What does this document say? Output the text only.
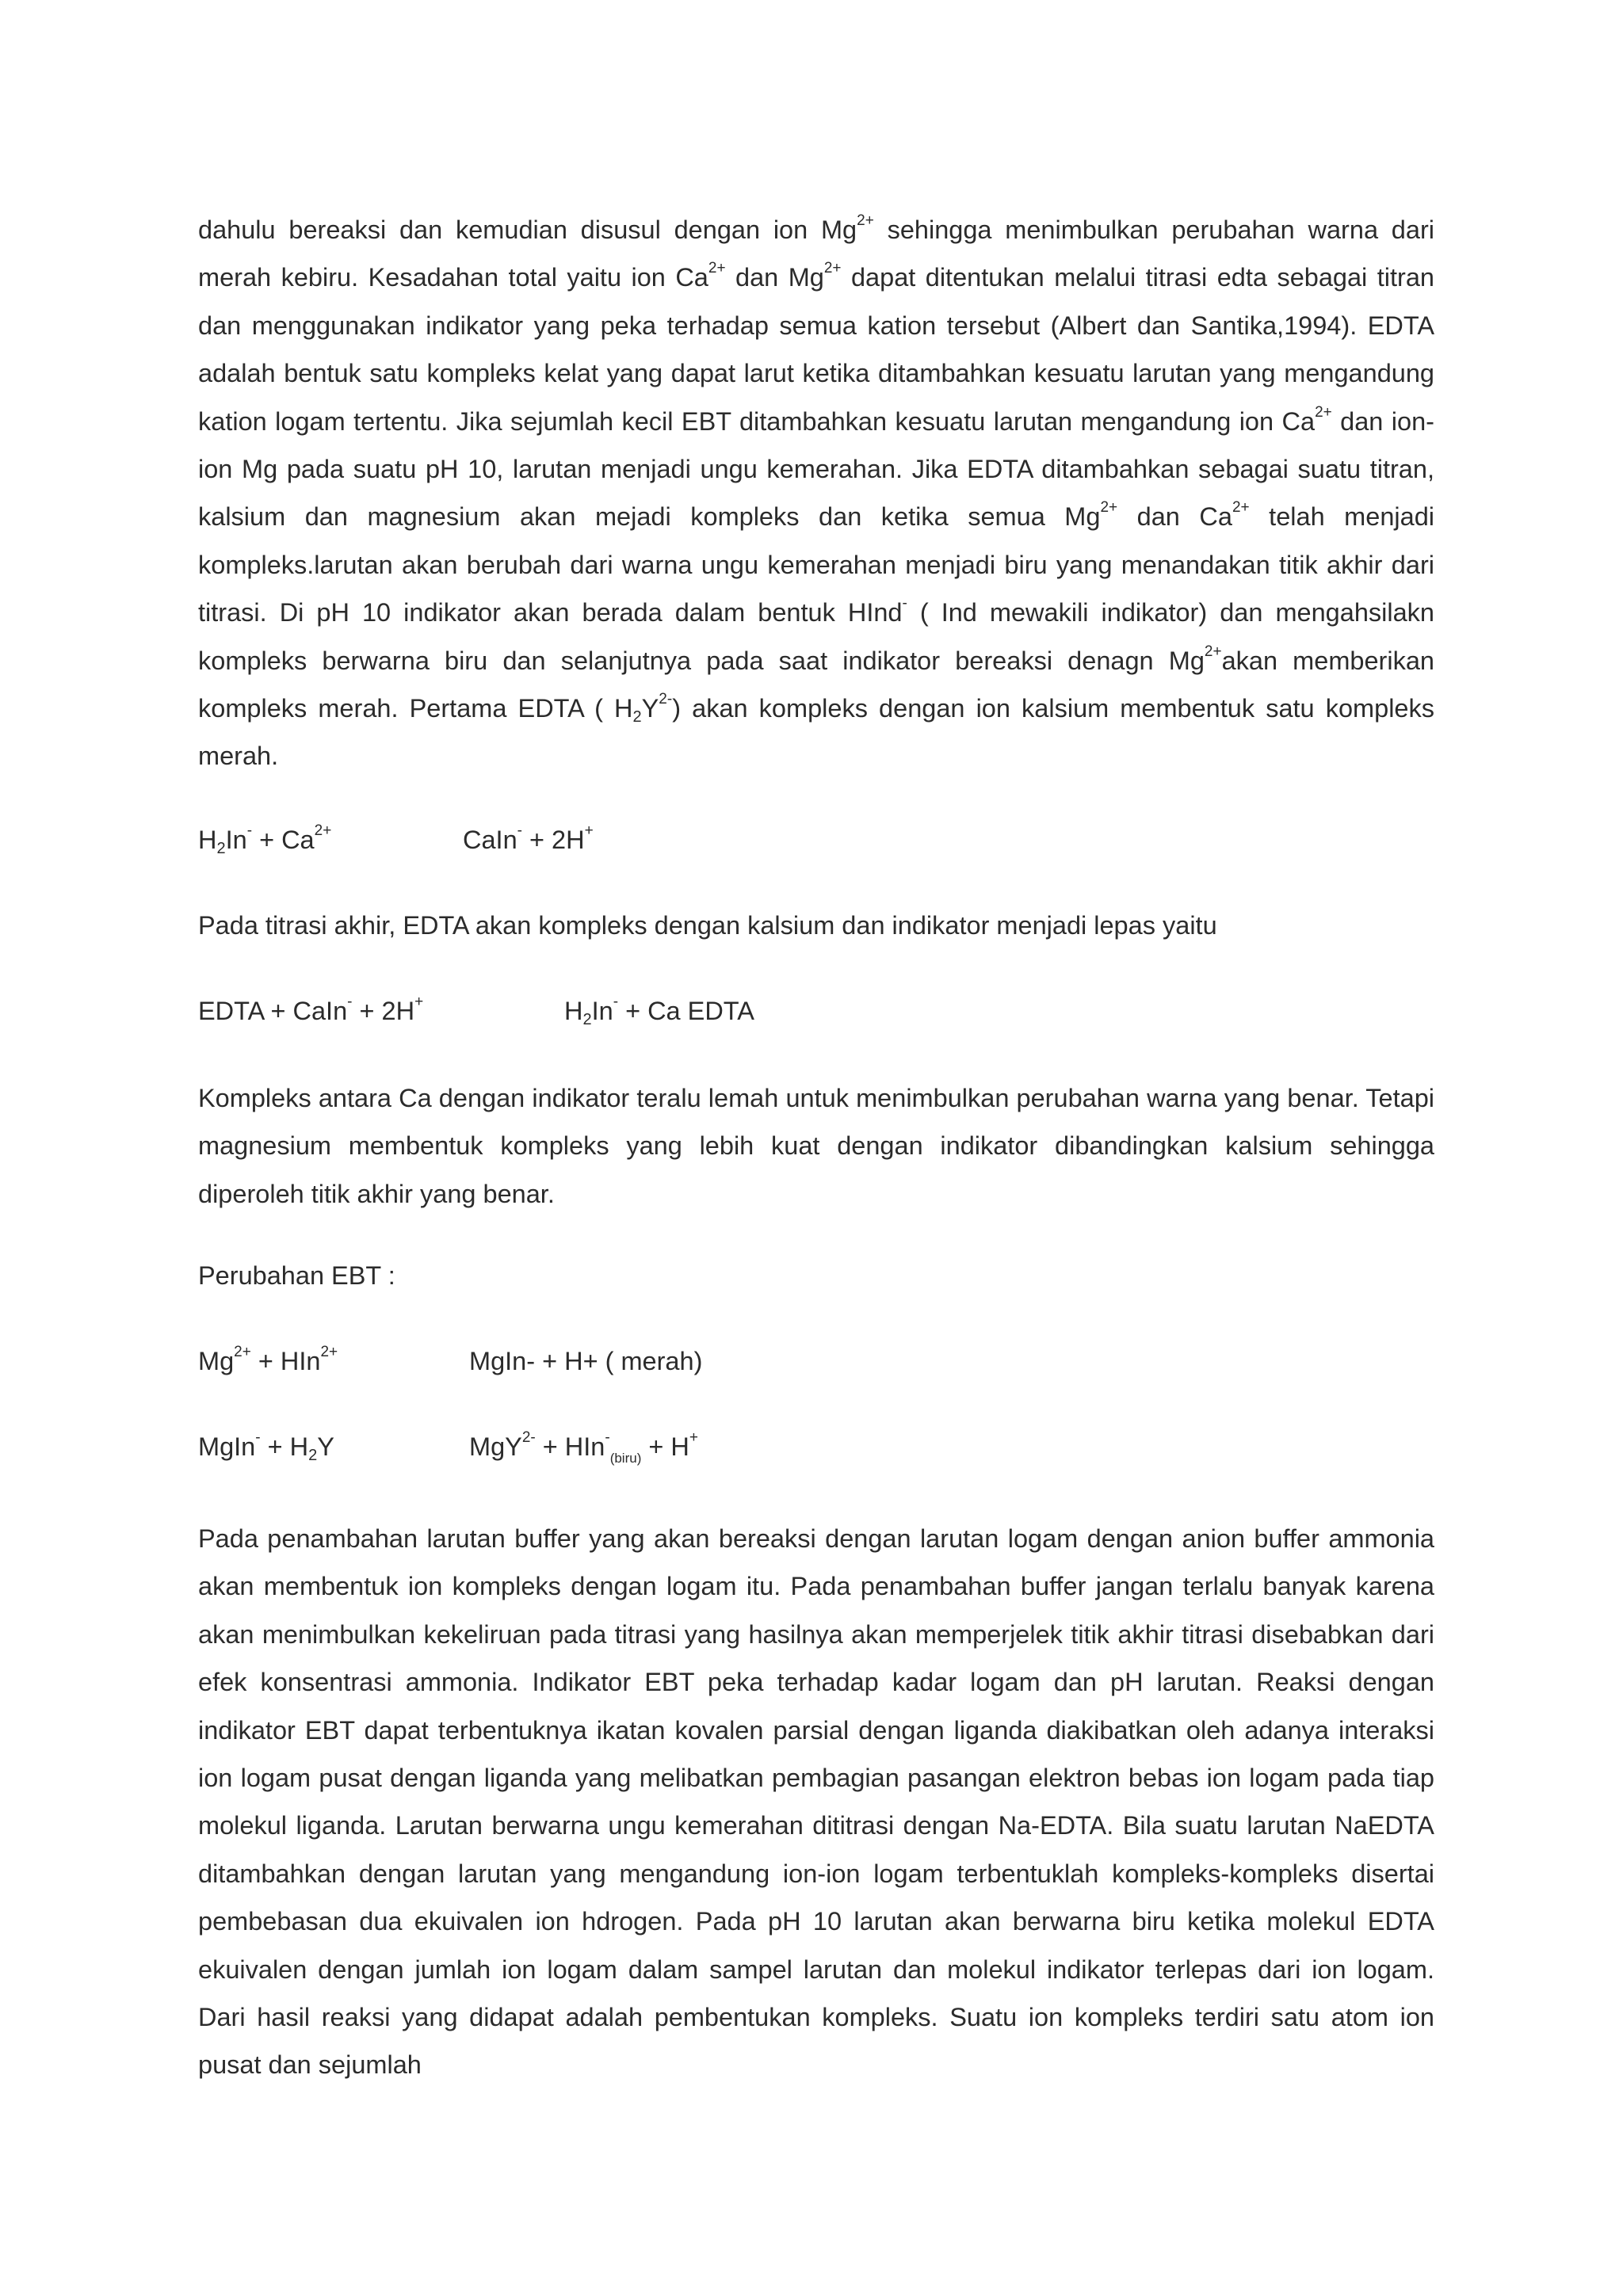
dahulu bereaksi dan kemudian disusul dengan ion $Mg^{2+}$ sehingga menimbulkan perubahan warna dari merah kebiru. Kesadahan total yaitu ion $Ca^{2+}$ dan $Mg^{2+}$ dapat ditentukan melalui titrasi edta sebagai titran dan menggunakan indikator yang peka terhadap semua kation tersebut (Albert dan Santika,1994). EDTA adalah bentuk satu kompleks kelat yang dapat larut ketika ditambahkan kesuatu larutan yang mengandung kation logam tertentu. Jika sejumlah kecil EBT ditambahkan kesuatu larutan mengandung ion $Ca^{2+}$ dan ion-ion Mg pada suatu pH 10, larutan menjadi ungu kemerahan. Jika EDTA ditambahkan sebagai suatu titran, kalsium dan magnesium akan mejadi kompleks dan ketika semua $Mg^{2+}$ dan $Ca^{2+}$ telah menjadi kompleks.larutan akan berubah dari warna ungu kemerahan menjadi biru yang menandakan titik akhir dari titrasi. Di pH 10 indikator akan berada dalam bentuk HInd- ( Ind mewakili indikator) dan mengahsilakn kompleks berwarna biru dan selanjutnya pada saat indikator bereaksi denagn $Mg^{2+}akan$ memberikan kompleks merah. Pertama EDTA ( $H_2Y^{2-}$) akan kompleks dengan ion kalsium membentuk satu kompleks merah.

$H_2In^- + Ca^{2+}$	CaIn- + 2H+

Pada titrasi akhir, EDTA akan kompleks dengan kalsium dan indikator menjadi lepas yaitu

EDTA + CaIn- + 2H+	$H_2In^- + Ca$ EDTA

Kompleks antara Ca dengan indikator teralu lemah untuk menimbulkan perubahan warna yang benar. Tetapi magnesium membentuk kompleks yang lebih kuat dengan indikator dibandingkan kalsium sehingga diperoleh titik akhir yang benar.

Perubahan EBT :

$Mg^{2+} + HIn^{2+}$	MgIn- + H+ ( merah)
MgIn- + $H_2Y$	MgY$^{2-}$ + HIn-$_{(biru)}$ + H+

Pada penambahan larutan buffer yang akan bereaksi dengan larutan logam dengan anion buffer ammonia akan membentuk ion kompleks dengan logam itu. Pada penambahan buffer jangan terlalu banyak karena akan menimbulkan kekeliruan pada titrasi yang hasilnya akan memperjelek titik akhir titrasi disebabkan dari efek konsentrasi ammonia. Indikator EBT peka terhadap kadar logam dan pH larutan. Reaksi dengan indikator EBT dapat terbentuknya ikatan kovalen parsial dengan liganda diakibatkan oleh adanya interaksi ion logam pusat dengan liganda yang melibatkan pembagian pasangan elektron bebas ion logam pada tiap molekul liganda. Larutan berwarna ungu kemerahan dititrasi dengan Na-EDTA. Bila suatu larutan NaEDTA ditambahkan dengan larutan yang mengandung ion-ion logam terbentuklah kompleks-kompleks disertai pembebasan dua ekuivalen ion hdrogen. Pada pH 10 larutan akan berwarna biru ketika molekul EDTA ekuivalen dengan jumlah ion logam dalam sampel larutan dan molekul indikator terlepas dari ion logam. Dari hasil reaksi yang didapat adalah pembentukan kompleks. Suatu ion kompleks terdiri satu atom ion pusat dan sejumlah
